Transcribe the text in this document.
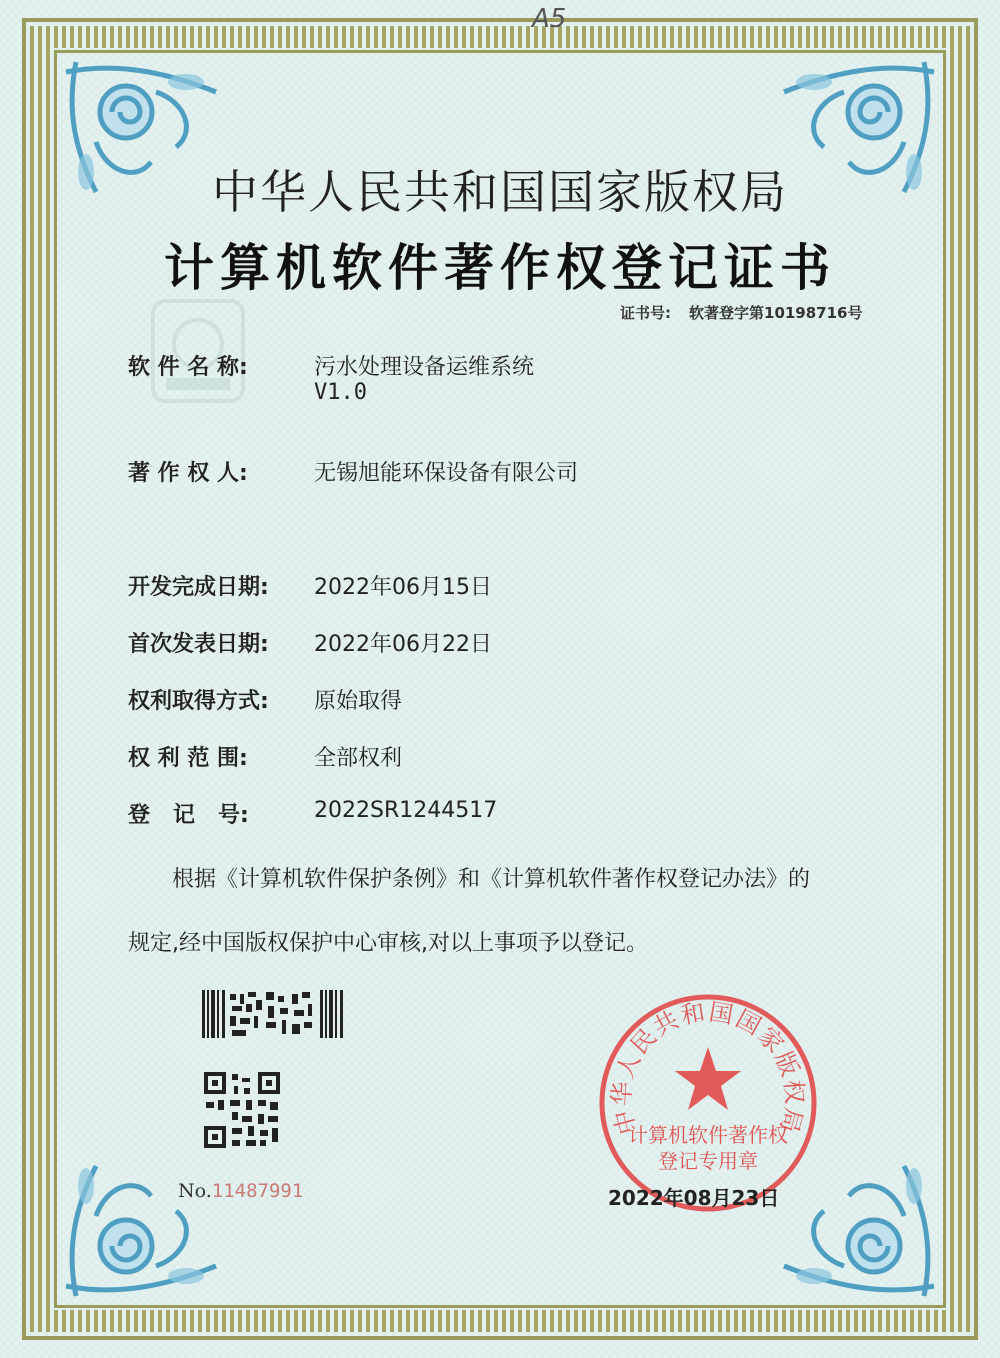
A5
中华人民共和国国家版权局
计算机软件著作权登记证书
证书号: 软著登字第10198716号
软 件 名 称:	污水处理设备运维系统
V1.0
著 作 权 人:	无锡旭能环保设备有限公司
开发完成日期: 2022年06月15日
首次发表日期: 2022年06月22日
权利取得方式: 原始取得
权 利 范 围:	全部权利
登   记   号:	2022SR1244517
根据《计算机软件保护条例》和《计算机软件著作权登记办法》的
规定,经中国版权保护中心审核,对以上事项予以登记。
No.11487991
中华人民共和国国家版权局
计算机软件著作权
登记专用章
2022年08月23日
